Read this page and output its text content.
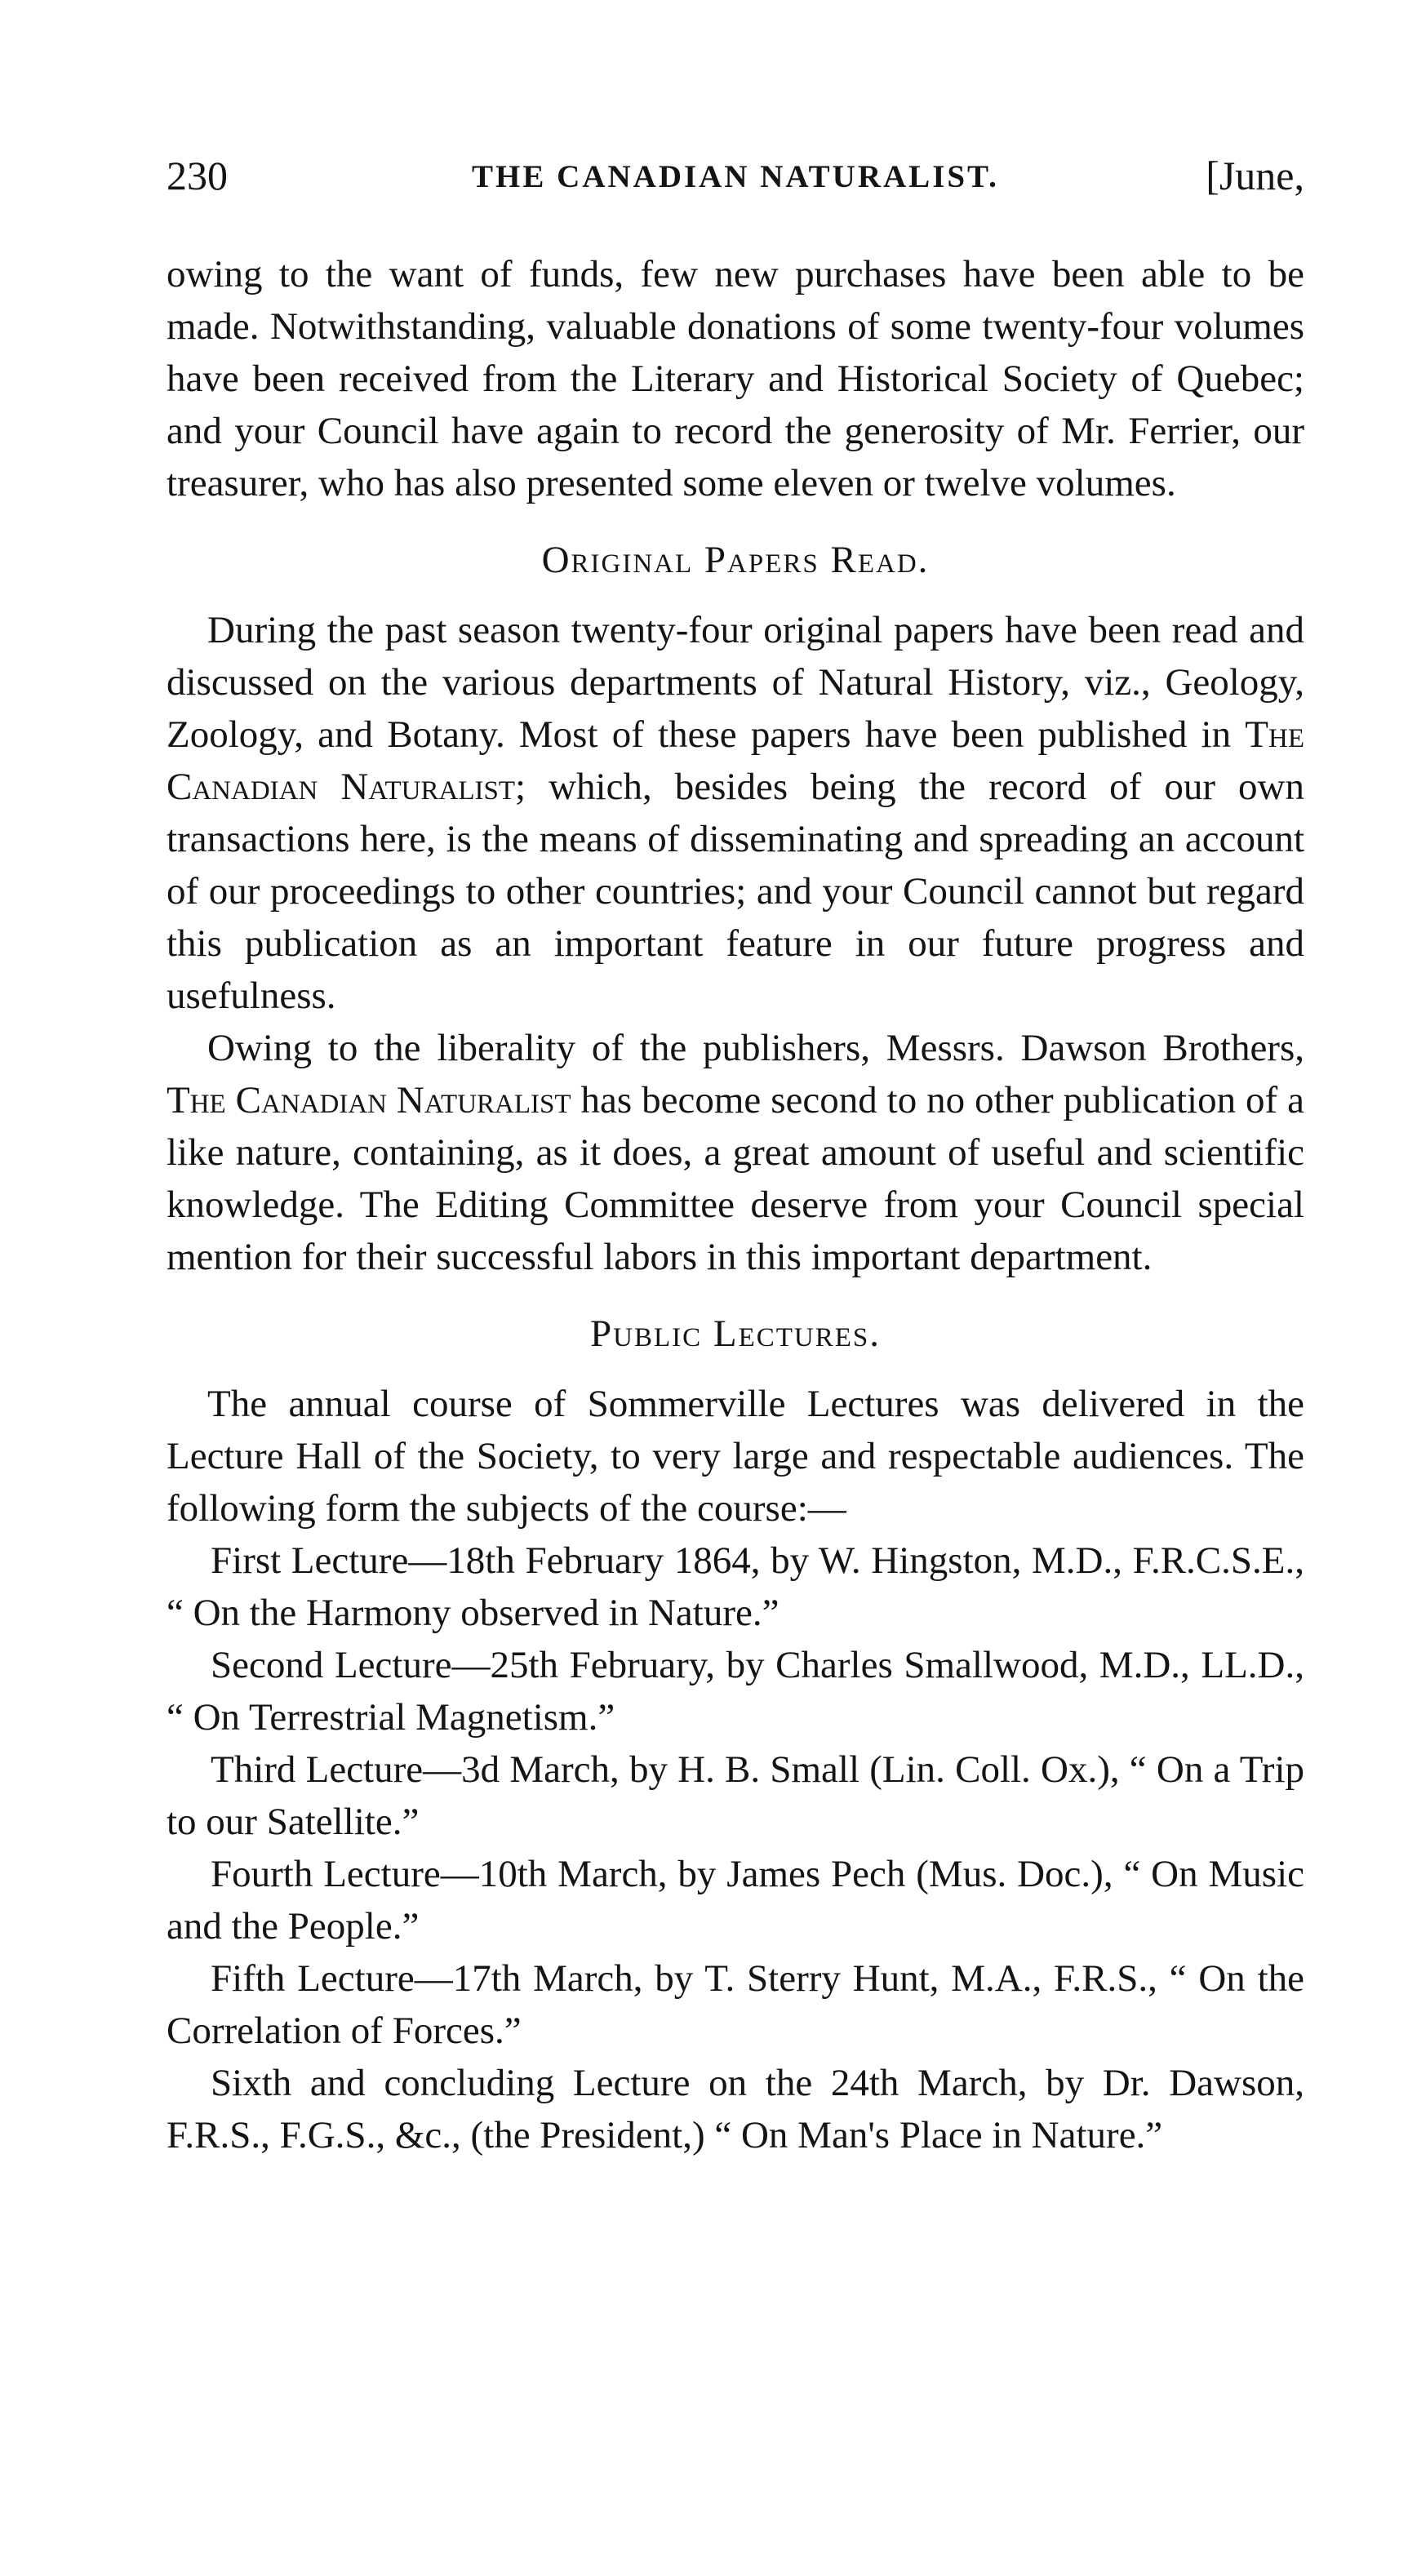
230	THE CANADIAN NATURALIST.	[June,

owing to the want of funds, few new purchases have been able to be made. Notwithstanding, valuable donations of some twenty-four volumes have been received from the Literary and Historical Society of Quebec; and your Council have again to record the generosity of Mr. Ferrier, our treasurer, who has also presented some eleven or twelve volumes.

Original Papers Read.

During the past season twenty-four original papers have been read and discussed on the various departments of Natural History, viz., Geology, Zoology, and Botany. Most of these papers have been published in The Canadian Naturalist; which, besides being the record of our own transactions here, is the means of disseminating and spreading an account of our proceedings to other countries; and your Council cannot but regard this publication as an important feature in our future progress and usefulness.

Owing to the liberality of the publishers, Messrs. Dawson Brothers, The Canadian Naturalist has become second to no other publication of a like nature, containing, as it does, a great amount of useful and scientific knowledge. The Editing Committee deserve from your Council special mention for their successful labors in this important department.

Public Lectures.

The annual course of Sommerville Lectures was delivered in the Lecture Hall of the Society, to very large and respectable audiences. The following form the subjects of the course:—

First Lecture—18th February 1864, by W. Hingston, M.D., F.R.C.S.E., “ On the Harmony observed in Nature.”

Second Lecture—25th February, by Charles Smallwood, M.D., LL.D., “ On Terrestrial Magnetism.”

Third Lecture—3d March, by H. B. Small (Lin. Coll. Ox.), “ On a Trip to our Satellite.”

Fourth Lecture—10th March, by James Pech (Mus. Doc.), “ On Music and the People.”

Fifth Lecture—17th March, by T. Sterry Hunt, M.A., F.R.S., “ On the Correlation of Forces.”

Sixth and concluding Lecture on the 24th March, by Dr. Dawson, F.R.S., F.G.S., &c., (the President,) “ On Man's Place in Nature.”
